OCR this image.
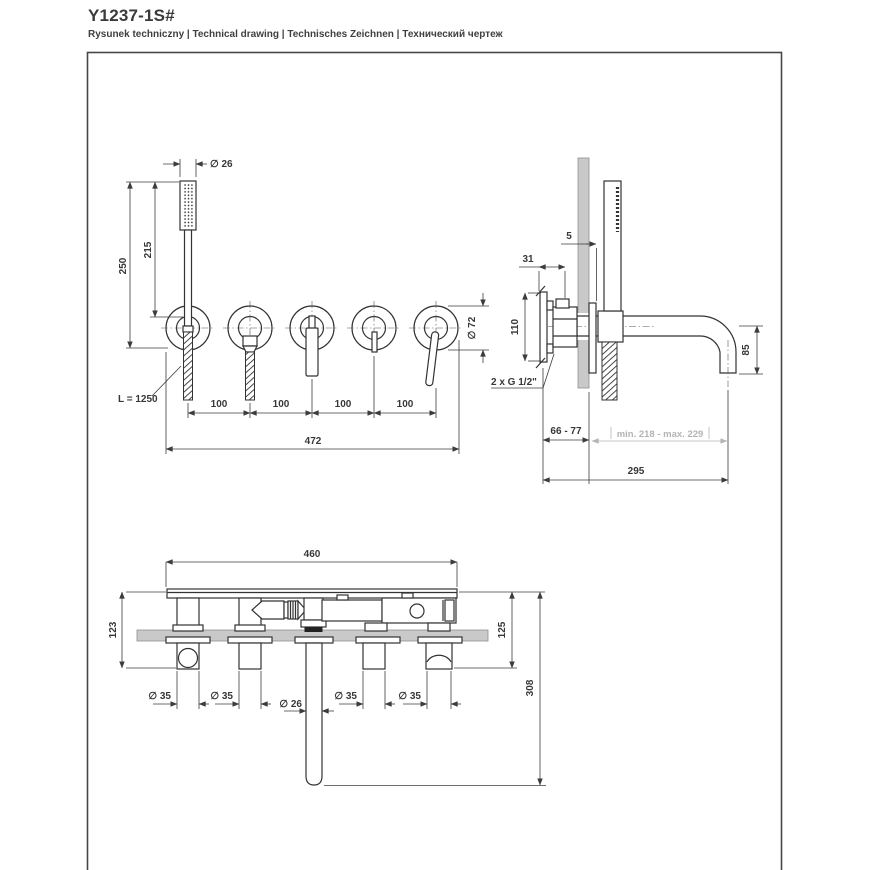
Y1237-1S#

Rysunek techniczny | Technical drawing | Technisches Zeichnen | Технический чертеж

∅ 26
250
215
L = 1250	100	100	100	100
472
∅ 72
5
31
110
2 x G 1/2"
85
66 - 77	min. 218 - max. 229
295
460
123	125
308
∅ 35	∅ 35	∅ 35	∅ 35
∅ 26
